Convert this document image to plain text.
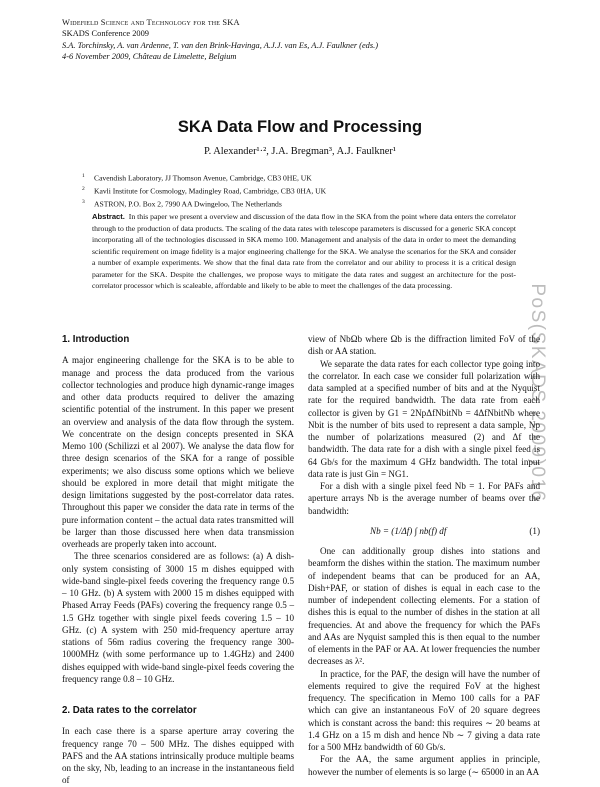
Wideﬁeld Science and Technology for the SKA
SKADS Conference 2009
S.A. Torchinsky, A. van Ardenne, T. van den Brink-Havinga, A.J.J. van Es, A.J. Faulkner (eds.)
4-6 November 2009, Château de Limelette, Belgium
SKA Data Flow and Processing
P. Alexander¹·², J.A. Bregman³, A.J. Faulkner¹
$^1$ Cavendish Laboratory, JJ Thomson Avenue, Cambridge, CB3 0HE, UK
$^2$ Kavli Institute for Cosmology, Madingley Road, Cambridge, CB3 0HA, UK
$^3$ ASTRON, P.O. Box 2, 7990 AA Dwingeloo, The Netherlands
Abstract. In this paper we present a overview and discussion of the data ﬂow in the SKA from the point where data enters the correlator through to the production of data products. The scaling of the data rates with telescope parameters is discussed for a generic SKA concept incorporating all of the technologies discussed in SKA memo 100. Management and analysis of the data in order to meet the demanding scientiﬁc requirement on image ﬁdelity is a major engineering challenge for the SKA. We analyse the scenarios for the SKA and consider a number of example experiments. We show that the ﬁnal data rate from the correlator and our ability to process it is a critical design parameter for the SKA. Despite the challenges, we propose ways to mitigate the data rates and suggest an architecture for the post-correlator processor which is scaleable, affordable and likely to be able to meet the challenges of the data processing.	PoS(SKADS 2009)016

1. Introduction

A major engineering challenge for the SKA is to be able to manage and process the data produced from the various collector technologies and produce high dynamic-range images and other data products required to deliver the amazing scientiﬁc potential of the instrument. In this paper we present an overview and analysis of the data ﬂow through the system. We concentrate on the design concepts presented in SKA Memo 100 (Schilizzi et al 2007). We analyse the data ﬂow for three design scenarios of the SKA for a range of possible experiments; we also discuss some options which we believe should be explored in more detail that might mitigate the design limitations suggested by the post-correlator data rates. Throughout this paper we consider the data rate in terms of the pure information content – the actual data rates transmitted will be larger than those discussed here when data transmission overheads are properly taken into account.

The three scenarios considered are as follows: (a) A dish-only system consisting of 3000 15 m dishes equipped with wide-band single-pixel feeds covering the frequency range 0.5 – 10 GHz. (b) A system with 2000 15 m dishes equipped with Phased Array Feeds (PAFs) covering the frequency range 0.5 – 1.5 GHz together with single pixel feeds covering 1.5 – 10 GHz. (c) A system with 250 mid-frequency aperture array stations of 56m radius covering the frequency range 300-1000MHz (with some performance up to 1.4GHz) and 2400 dishes equipped with wide-band single-pixel feeds covering the frequency range 0.8 – 10 GHz.

2. Data rates to the correlator

In each case there is a sparse aperture array covering the frequency range 70 – 500 MHz. The dishes equipped with PAFS and the AA stations intrinsically produce multiple beams on the sky, Nb, leading to an increase in the instantaneous ﬁeld of

view of NbΩb where Ωb is the diffraction limited FoV of the dish or AA station.

We separate the data rates for each collector type going into the correlator. In each case we consider full polarization with data sampled at a speciﬁed number of bits and at the Nyquist rate for the required bandwidth. The data rate from each collector is given by G1 = 2NpΔfNbitNb = 4ΔfNbitNb where Nbit is the number of bits used to represent a data sample, Np the number of polarizations measured (2) and Δf the bandwidth. The data rate for a dish with a single pixel feed is 64 Gb/s for the maximum 4 GHz bandwidth. The total input data rate is just Gin = NG1.

For a dish with a single pixel feed Nb = 1. For PAFs and aperture arrays Nb is the average number of beams over the bandwidth:

Nb = (1/Δf) ∫ nb(f) df	(1)

One can additionally group dishes into stations and beamform the dishes within the station. The maximum number of independent beams that can be produced for an AA, Dish+PAF, or station of dishes is equal in each case to the number of independent collecting elements. For a station of dishes this is equal to the number of dishes in the station at all frequencies. At and above the frequency for which the PAFs and AAs are Nyquist sampled this is then equal to the number of elements in the PAF or AA. At lower frequencies the number decreases as λ².

In practice, for the PAF, the design will have the number of elements required to give the required FoV at the highest frequency. The speciﬁcation in Memo 100 calls for a PAF which can give an instantaneous FoV of 20 square degrees which is constant across the band: this requires ∼ 20 beams at 1.4 GHz on a 15 m dish and hence Nb ∼ 7 giving a data rate for a 500 MHz bandwidth of 60 Gb/s.

For the AA, the same argument applies in principle, however the number of elements is so large (∼ 65000 in an AA
